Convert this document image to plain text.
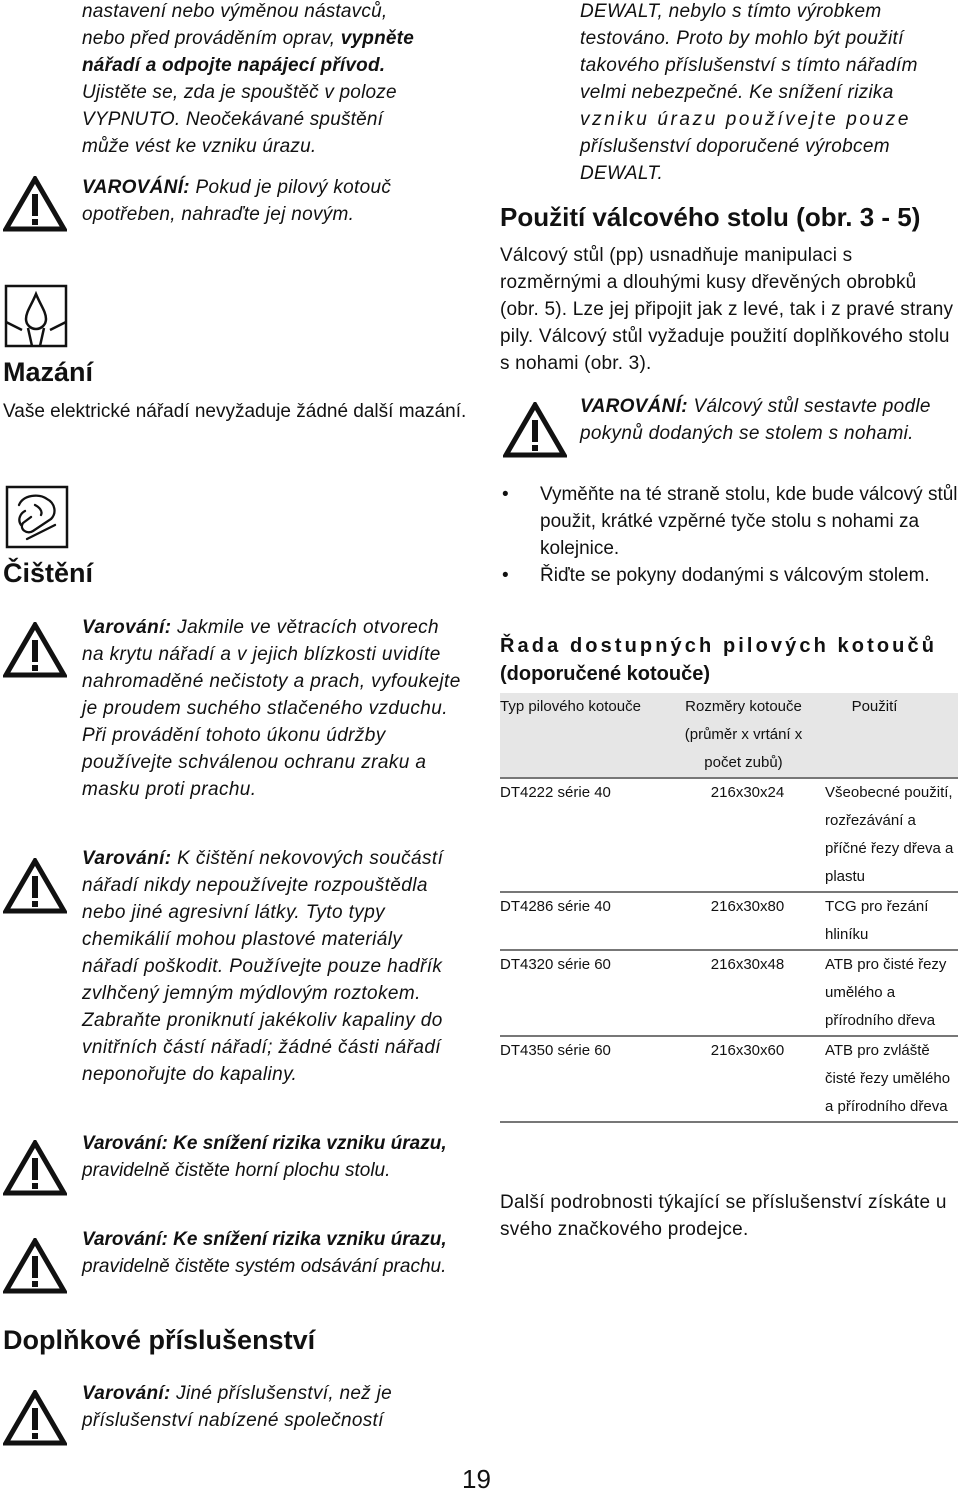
nastavení nebo výměnou nástavců,
nebo před prováděním oprav, vypněte
nářadí a odpojte napájecí přívod.
Ujistěte se, zda je spouštěč v poloze
VYPNUTO. Neočekávané spuštění
může vést ke vzniku úrazu.

VAROVÁNÍ: Pokud je pilový kotouč opotřeben, nahraďte jej novým.

Mazání

Vaše elektrické nářadí nevyžaduje žádné další mazání.

Čištění

Varování: Jakmile ve větracích otvorech na krytu nářadí a v jejich blízkosti uvidíte nahromaděné nečistoty a prach, vyfoukejte je proudem suchého stlačeného vzduchu. Při provádění tohoto úkonu údržby používejte schválenou ochranu zraku a masku proti prachu.

Varování: K čištění nekovových součástí nářadí nikdy nepoužívejte rozpouštědla nebo jiné agresivní látky. Tyto typy chemikálií mohou plastové materiály nářadí poškodit. Používejte pouze hadřík zvlhčený jemným mýdlovým roztokem. Zabraňte proniknutí jakékoliv kapaliny do vnitřních částí nářadí; žádné části nářadí neponořujte do kapaliny.

Varování: Ke snížení rizika vzniku úrazu, pravidelně čistěte horní plochu stolu.

Varování: Ke snížení rizika vzniku úrazu, pravidelně čistěte systém odsávání prachu.

Doplňkové příslušenství

Varování: Jiné příslušenství, než je příslušenství nabízené společností

19
DEWALT, nebylo s tímto výrobkem
testováno. Proto by mohlo být použití
takového příslušenství s tímto nářadím
velmi nebezpečné. Ke snížení rizika
vzniku úrazu používejte pouze
příslušenství doporučené výrobcem
DEWALT.
Použití válcového stolu (obr. 3 - 5)

Válcový stůl (pp) usnadňuje manipulaci s rozměrnými a dlouhými kusy dřevěných obrobků (obr. 5). Lze jej připojit jak z levé, tak i z pravé strany pily. Válcový stůl vyžaduje použití doplňkového stolu s nohami (obr. 3).

VAROVÁNÍ: Válcový stůl sestavte podle pokynů dodaných se stolem s nohami.

• Vyměňte na té straně stolu, kde bude válcový stůl použit, krátké vzpěrné tyče stolu s nohami za kolejnice.
• Řiďte se pokyny dodanými s válcovým stolem.
Řada dostupných pilových kotoučů
(doporučené kotouče)
Typ pilového kotouče	Rozměry kotouče (průměr x vrtání x počet zubů)	Použití
DT4222 série 40	216x30x24	Všeobecné použití, rozřezávání a příčné řezy dřeva a plastu
DT4286 série 40	216x30x80	TCG pro řezání hliníku
DT4320 série 60	216x30x48	ATB pro čisté řezy umělého a přírodního dřeva
DT4350 série 60	216x30x60	ATB pro zvláště čisté řezy umělého a přírodního dřeva

Další podrobnosti týkající se příslušenství získáte u svého značkového prodejce.
